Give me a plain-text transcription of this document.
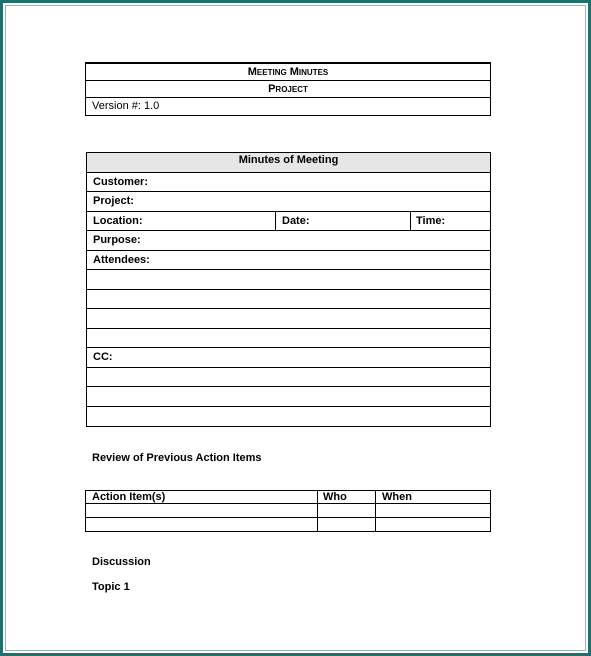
Meeting Minutes
Project
Version #: 1.0
Minutes of Meeting
Customer:
Project:
Location:	Date:	Time:
Purpose:
Attendees:
CC:
Review of Previous Action Items
Action Item(s)	Who	When
Discussion
Topic 1
